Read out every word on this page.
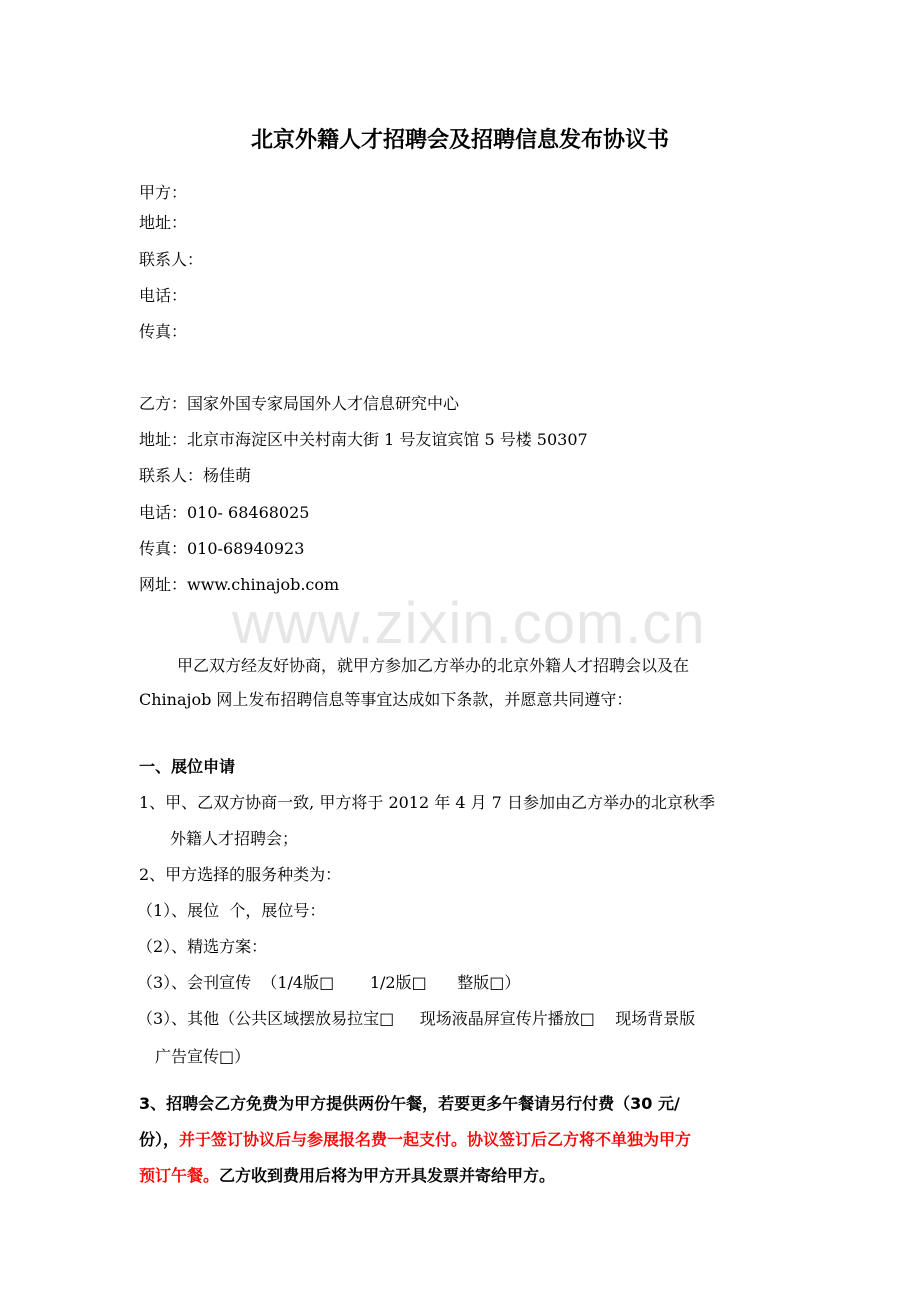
www.zixin.com.cn
北京外籍人才招聘会及招聘信息发布协议书
甲方：
地址：
联系人：
电话：
传真：
乙方：国家外国专家局国外人才信息研究中心
地址：北京市海淀区中关村南大街 1 号友谊宾馆 5 号楼 50307
联系人：杨佳萌
电话：010- 68468025
传真：010-68940923
网址：www.chinajob.com
甲乙双方经友好协商，就甲方参加乙方举办的北京外籍人才招聘会以及在
Chinajob 网上发布招聘信息等事宜达成如下条款，并愿意共同遵守：
一、展位申请
1、甲、乙双方协商一致, 甲方将于 2012 年 4 月 7 日参加由乙方举办的北京秋季
外籍人才招聘会；
2、甲方选择的服务种类为：
（1）、展位  个，展位号：
（2）、精选方案：
（3）、会刊宣传  （1/4版□       1/2版□      整版□）
（3）、其他（公共区域摆放易拉宝□     现场液晶屏宣传片播放□    现场背景版
广告宣传□）
3、招聘会乙方免费为甲方提供两份午餐，若要更多午餐请另行付费（30 元/
份），并于签订协议后与参展报名费一起支付。协议签订后乙方将不单独为甲方
预订午餐。乙方收到费用后将为甲方开具发票并寄给甲方。
